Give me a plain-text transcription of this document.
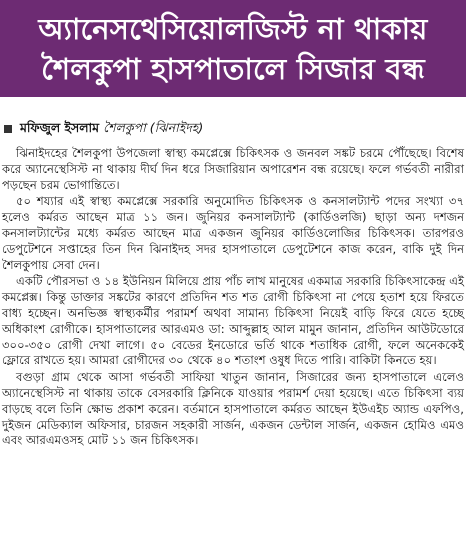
অ্যানেসথেসিয়োলজিস্ট না থাকায়
শৈলকুপা হাসপাতালে সিজার বন্ধ
মফিজুল ইসলাম শৈলকুপা (ঝিনাইদহ)

ঝিনাইদহের শৈলকুপা উপজেলা স্বাস্থ্য কমপ্লেক্সে চিকিৎসক ও জনবল সঙ্কট চরমে পৌঁছেছে। বিশেষ করে অ্যানেস্থেসিস্ট না থাকায় দীর্ঘ দিন ধরে সিজারিয়ান অপারেশন বন্ধ রয়েছে। ফলে গর্ভবতী নারীরা পড়ছেন চরম ভোগান্তিতে।

৫০ শয্যার এই স্বাস্থ্য কমপ্লেক্সে সরকারি অনুমোদিত চিকিৎসক ও কনসালট্যান্ট পদের সংখ্যা ৩৭ হলেও কর্মরত আছেন মাত্র ১১ জন। জুনিয়র কনসালট্যান্ট (কার্ডিওলজি) ছাড়া অন্য দশজন কনসালট্যান্টের মধ্যে কর্মরত আছেন মাত্র একজন জুনিয়র কার্ডিওলোজির চিকিৎসক। তারপরও ডেপুটেশনে সপ্তাহের তিন দিন ঝিনাইদহ সদর হাসপাতালে ডেপুটেশনে কাজ করেন, বাকি দুই দিন শৈলকুপায় সেবা দেন।

একটি পৌরসভা ও ১৪ ইউনিয়ন মিলিয়ে প্রায় পাঁচ লাখ মানুষের একমাত্র সরকারি চিকিৎসাকেন্দ্র এই কমপ্লেক্স। কিন্তু ডাক্তার সঙ্কটের কারণে প্রতিদিন শত শত রোগী চিকিৎসা না পেয়ে হতাশ হয়ে ফিরতে বাধ্য হচ্ছেন। অনভিজ্ঞ স্বাস্থ্যকর্মীর পরামর্শ অথবা সামান্য চিকিৎসা নিয়েই বাড়ি ফিরে যেতে হচ্ছে অধিকাংশ রোগীকে। হাসপাতালের আরএমও ডা: আব্দুল্লাহ আল মামুন জানান, প্রতিদিন আউটডোরে ৩০০-৩৫০ রোগী দেখা লাগে। ৫০ বেডের ইনডোরে ভর্তি থাকে শতাধিক রোগী, ফলে অনেককেই ফ্লোরে রাখতে হয়। আমরা রোগীদের ৩০ থেকে ৪০ শতাংশ ওষুধ দিতে পারি। বাকিটা কিনতে হয়।

বগুড়া গ্রাম থেকে আসা গর্ভবতী সাফিয়া খাতুন জানান, সিজারের জন্য হাসপাতালে এলেও অ্যানেস্থেসিস্ট না থাকায় তাকে বেসরকারি ক্লিনিকে যাওয়ার পরামর্শ দেয়া হয়েছে। এতে চিকিৎসা ব্যয় বাড়ছে বলে তিনি ক্ষোভ প্রকাশ করেন। বর্তমানে হাসপাতালে কর্মরত আছেন ইউএইচ অ্যান্ড এফপিও, দুইজন মেডিক্যাল অফিসার, চারজন সহকারী সার্জন, একজন ডেন্টাল সার্জন, একজন হোমিও এমও এবং আরএমওসহ মোট ১১ জন চিকিৎসক।
